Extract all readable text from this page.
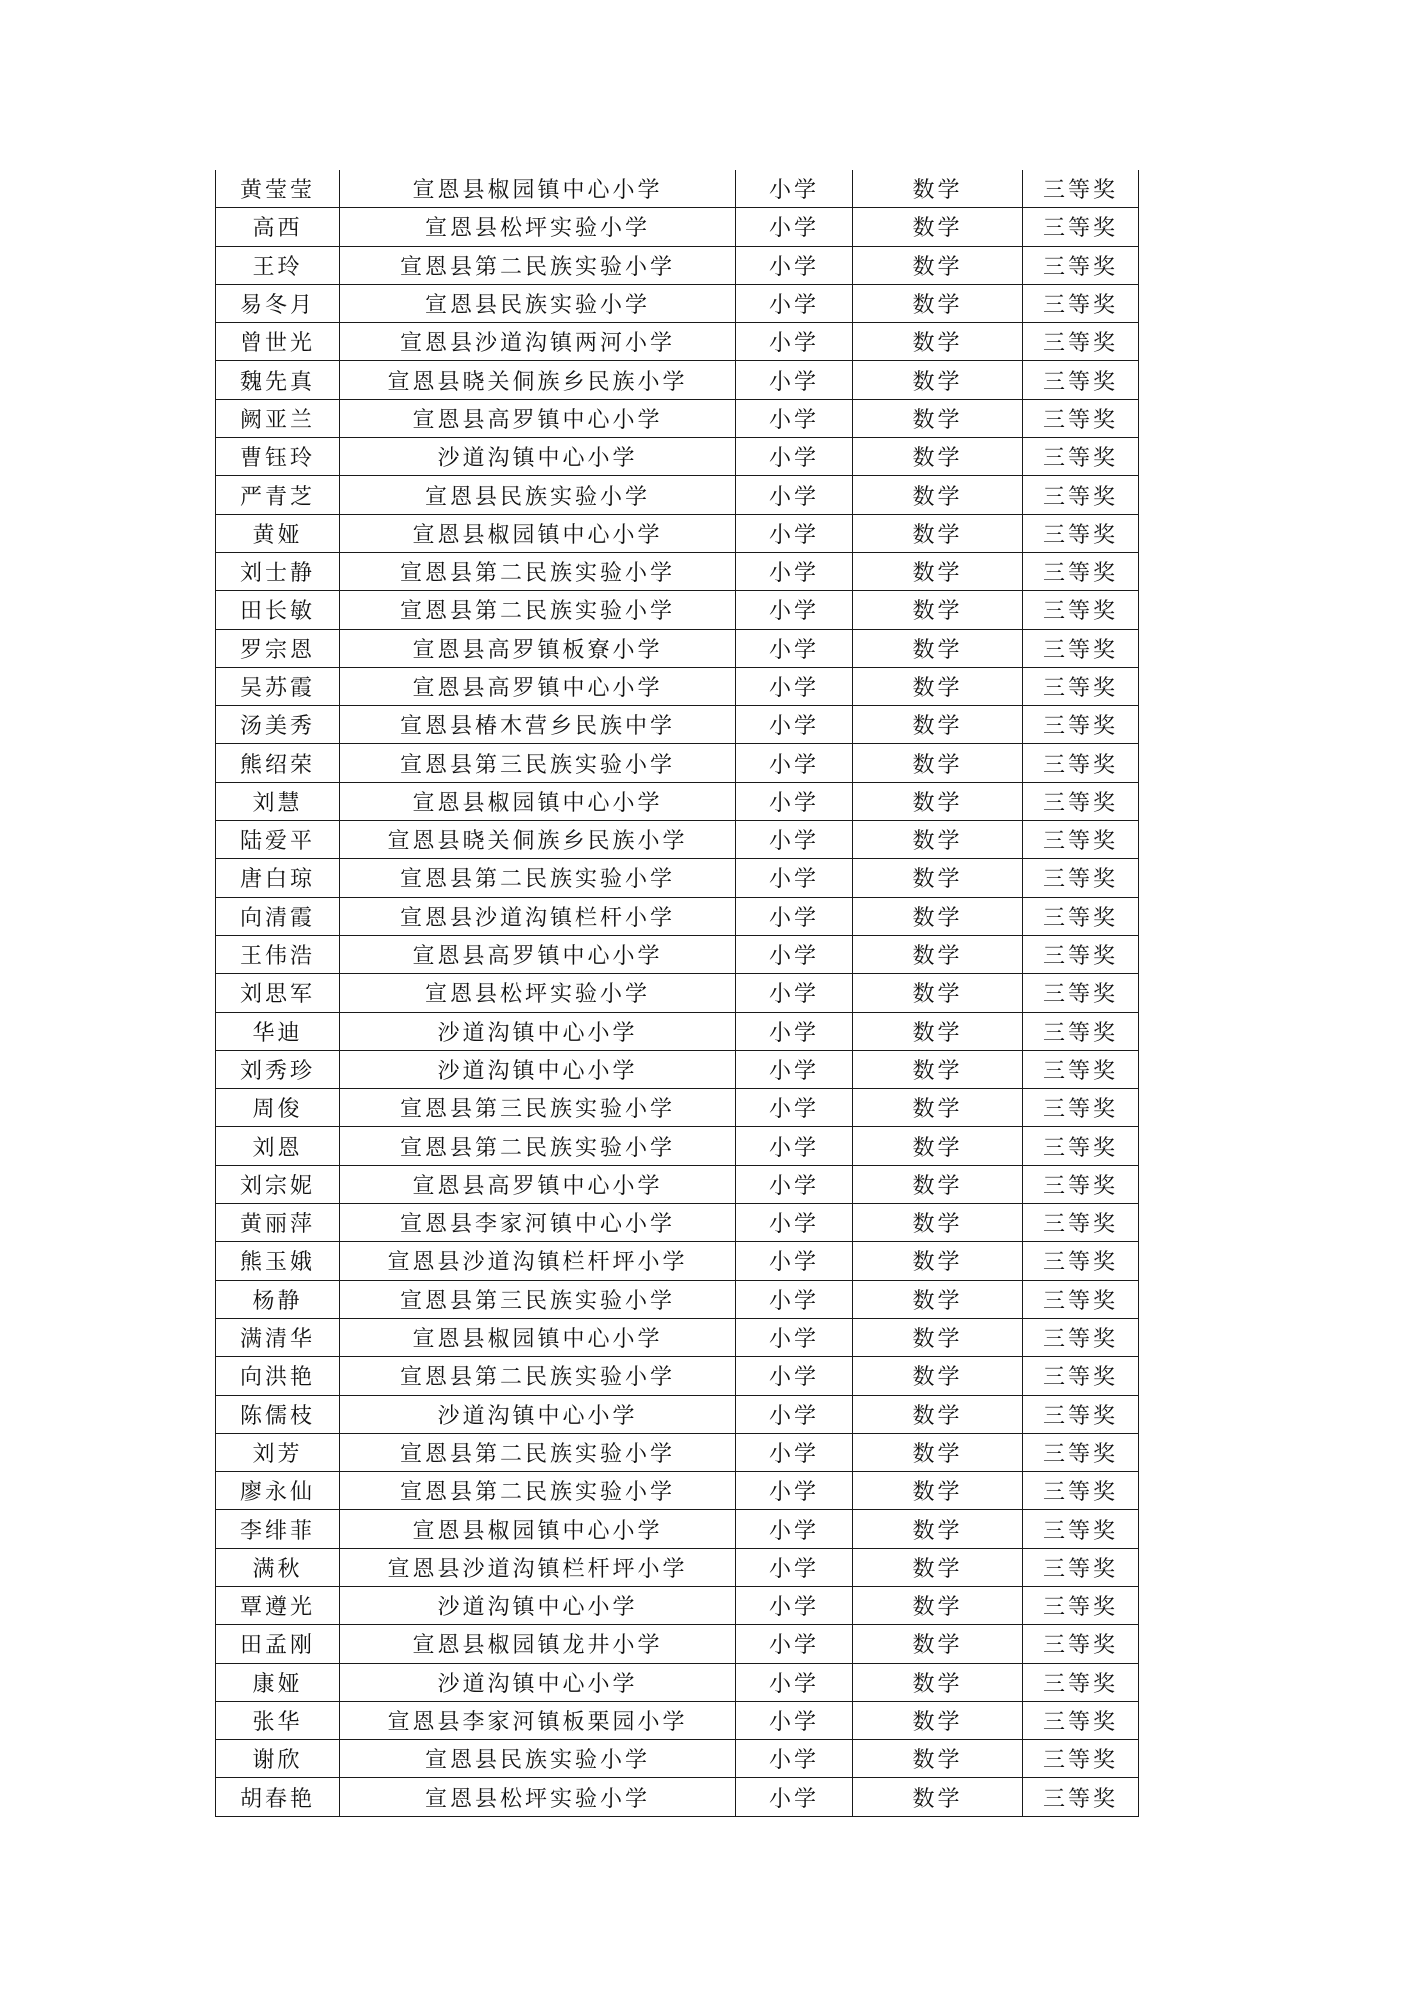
黄莹莹	宣恩县椒园镇中心小学	小学	数学	三等奖
高西	宣恩县松坪实验小学	小学	数学	三等奖
王玲	宣恩县第二民族实验小学	小学	数学	三等奖
易冬月	宣恩县民族实验小学	小学	数学	三等奖
曾世光	宣恩县沙道沟镇两河小学	小学	数学	三等奖
魏先真	宣恩县晓关侗族乡民族小学	小学	数学	三等奖
阙亚兰	宣恩县高罗镇中心小学	小学	数学	三等奖
曹钰玲	沙道沟镇中心小学	小学	数学	三等奖
严青芝	宣恩县民族实验小学	小学	数学	三等奖
黄娅	宣恩县椒园镇中心小学	小学	数学	三等奖
刘士静	宣恩县第二民族实验小学	小学	数学	三等奖
田长敏	宣恩县第二民族实验小学	小学	数学	三等奖
罗宗恩	宣恩县高罗镇板寮小学	小学	数学	三等奖
吴苏霞	宣恩县高罗镇中心小学	小学	数学	三等奖
汤美秀	宣恩县椿木营乡民族中学	小学	数学	三等奖
熊绍荣	宣恩县第三民族实验小学	小学	数学	三等奖
刘慧	宣恩县椒园镇中心小学	小学	数学	三等奖
陆爱平	宣恩县晓关侗族乡民族小学	小学	数学	三等奖
唐白琼	宣恩县第二民族实验小学	小学	数学	三等奖
向清霞	宣恩县沙道沟镇栏杆小学	小学	数学	三等奖
王伟浩	宣恩县高罗镇中心小学	小学	数学	三等奖
刘思军	宣恩县松坪实验小学	小学	数学	三等奖
华迪	沙道沟镇中心小学	小学	数学	三等奖
刘秀珍	沙道沟镇中心小学	小学	数学	三等奖
周俊	宣恩县第三民族实验小学	小学	数学	三等奖
刘恩	宣恩县第二民族实验小学	小学	数学	三等奖
刘宗妮	宣恩县高罗镇中心小学	小学	数学	三等奖
黄丽萍	宣恩县李家河镇中心小学	小学	数学	三等奖
熊玉娥	宣恩县沙道沟镇栏杆坪小学	小学	数学	三等奖
杨静	宣恩县第三民族实验小学	小学	数学	三等奖
满清华	宣恩县椒园镇中心小学	小学	数学	三等奖
向洪艳	宣恩县第二民族实验小学	小学	数学	三等奖
陈儒枝	沙道沟镇中心小学	小学	数学	三等奖
刘芳	宣恩县第二民族实验小学	小学	数学	三等奖
廖永仙	宣恩县第二民族实验小学	小学	数学	三等奖
李绯菲	宣恩县椒园镇中心小学	小学	数学	三等奖
满秋	宣恩县沙道沟镇栏杆坪小学	小学	数学	三等奖
覃遵光	沙道沟镇中心小学	小学	数学	三等奖
田孟刚	宣恩县椒园镇龙井小学	小学	数学	三等奖
康娅	沙道沟镇中心小学	小学	数学	三等奖
张华	宣恩县李家河镇板栗园小学	小学	数学	三等奖
谢欣	宣恩县民族实验小学	小学	数学	三等奖
胡春艳	宣恩县松坪实验小学	小学	数学	三等奖
